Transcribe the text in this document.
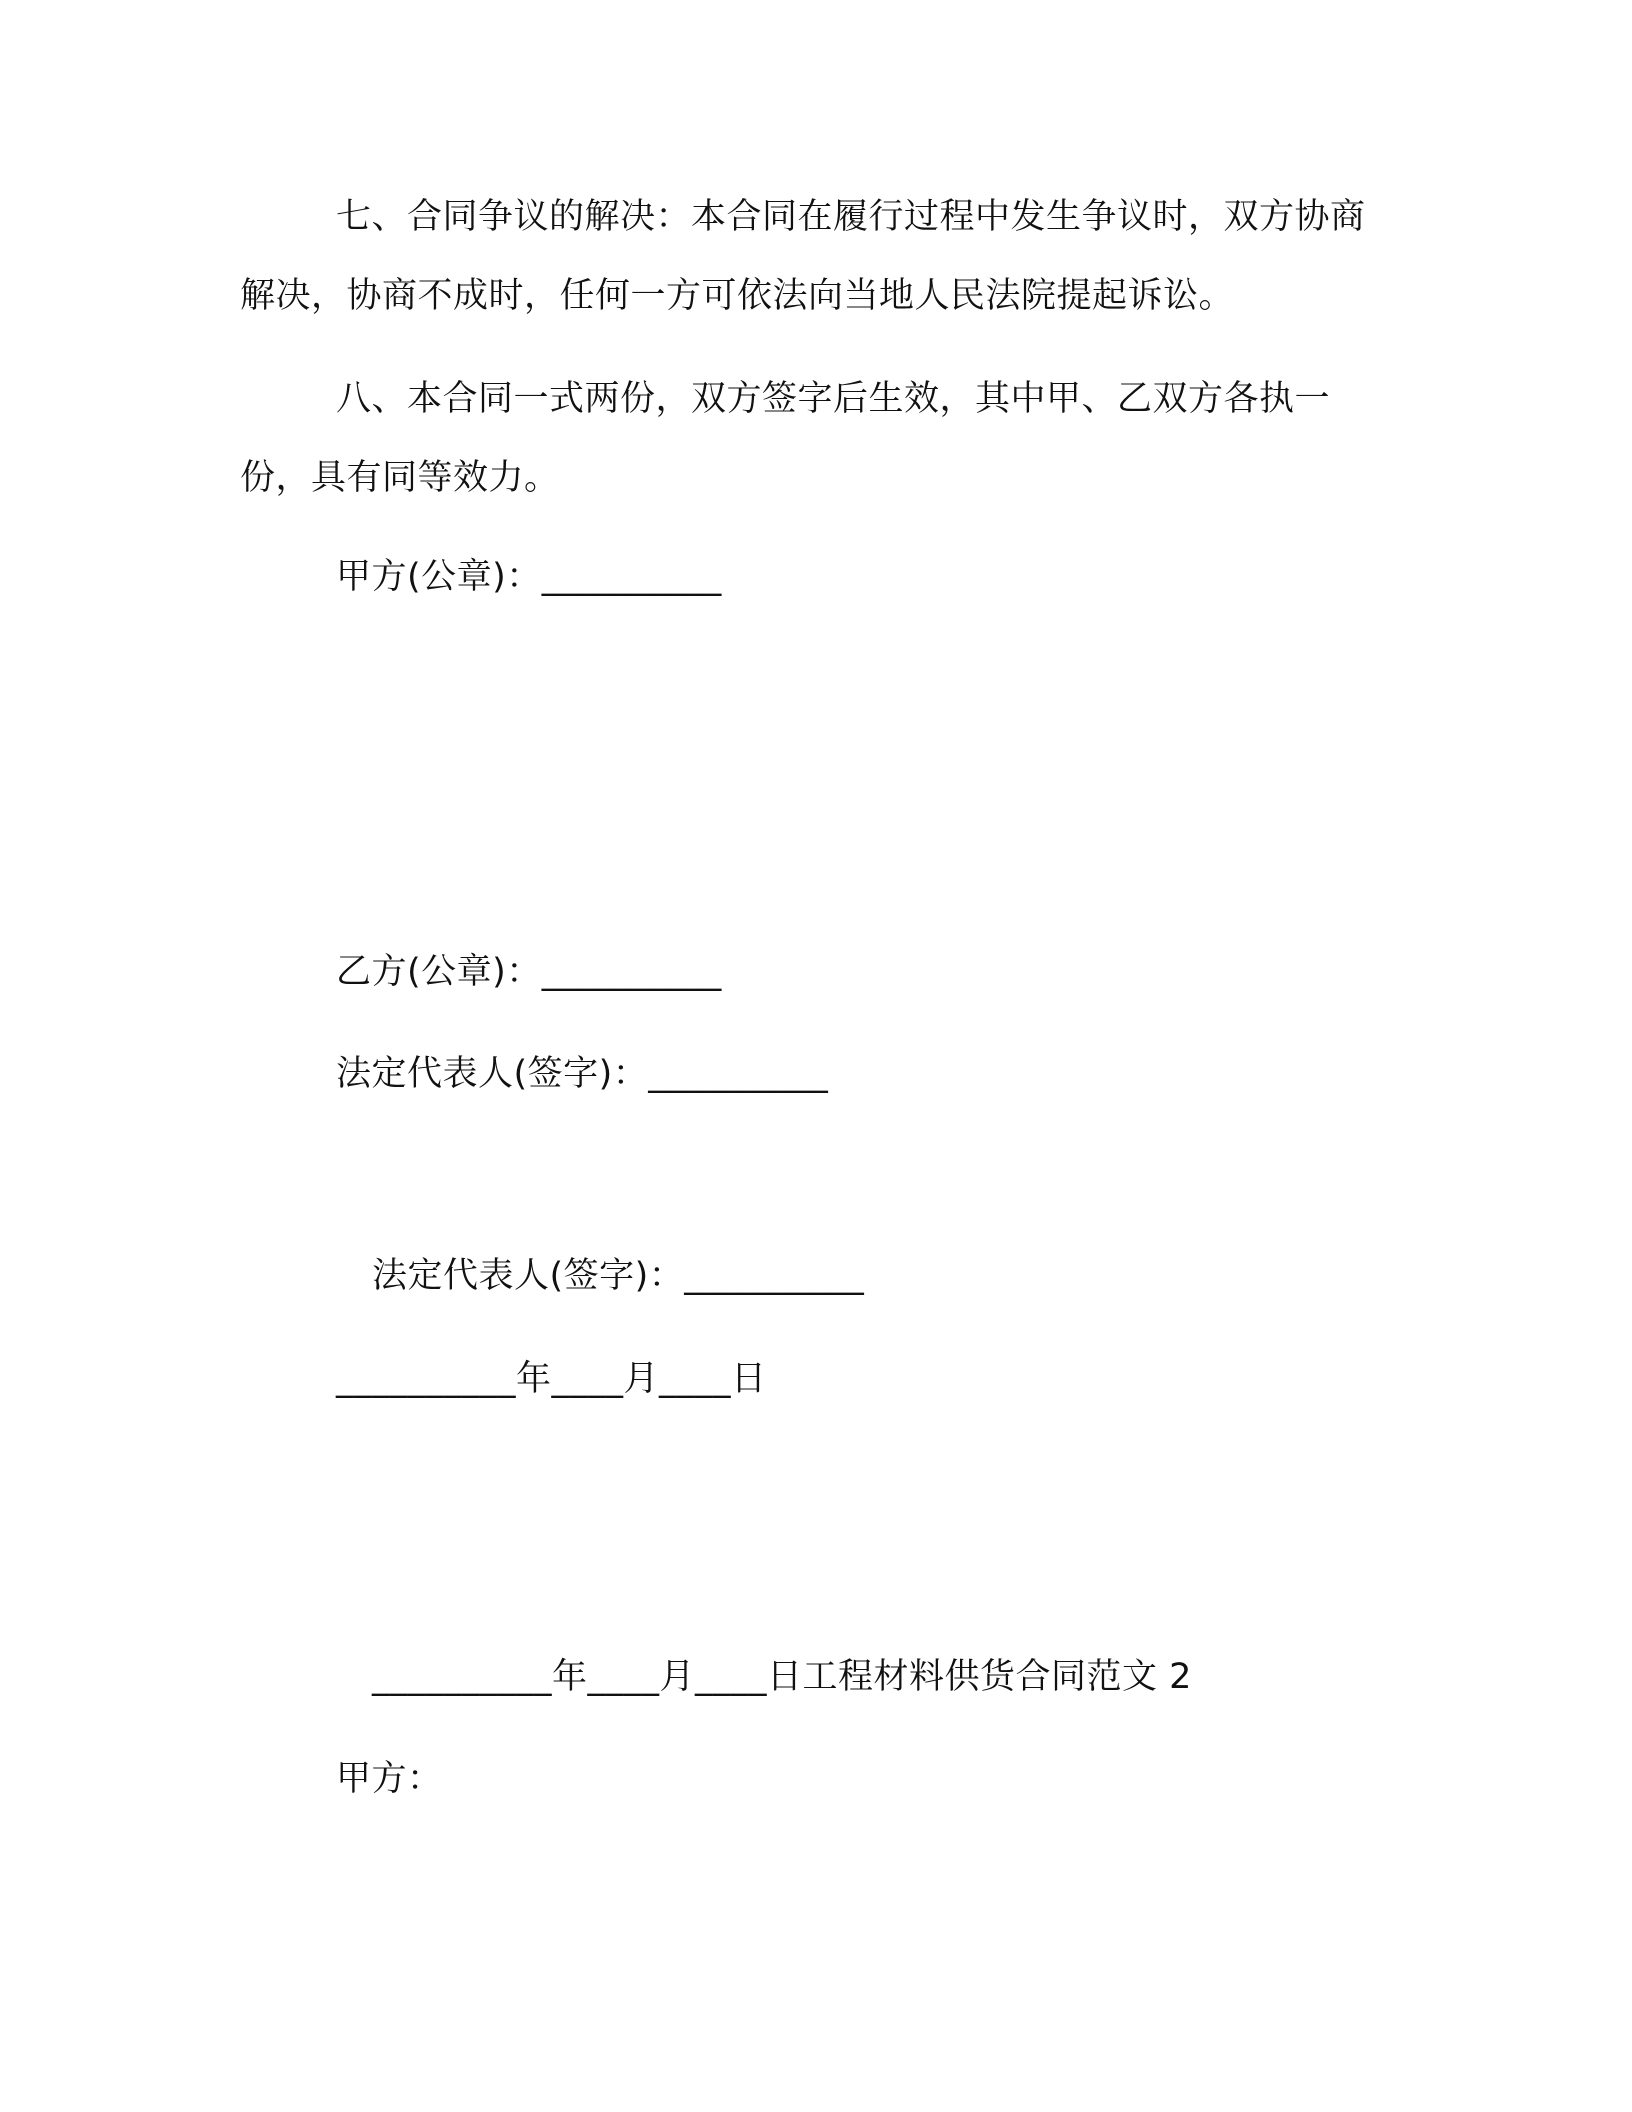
七、合同争议的解决：本合同在履行过程中发生争议时，双方协商解决，协商不成时，任何一方可依法向当地人民法院提起诉讼。

八、本合同一式两份，双方签字后生效，其中甲、乙双方各执一份，具有同等效力。

甲方(公章)：__________

乙方(公章)：__________

法定代表人(签字)：__________

法定代表人(签字)：__________

__________年____月____日

__________年____月____日工程材料供货合同范文 2

甲方：
